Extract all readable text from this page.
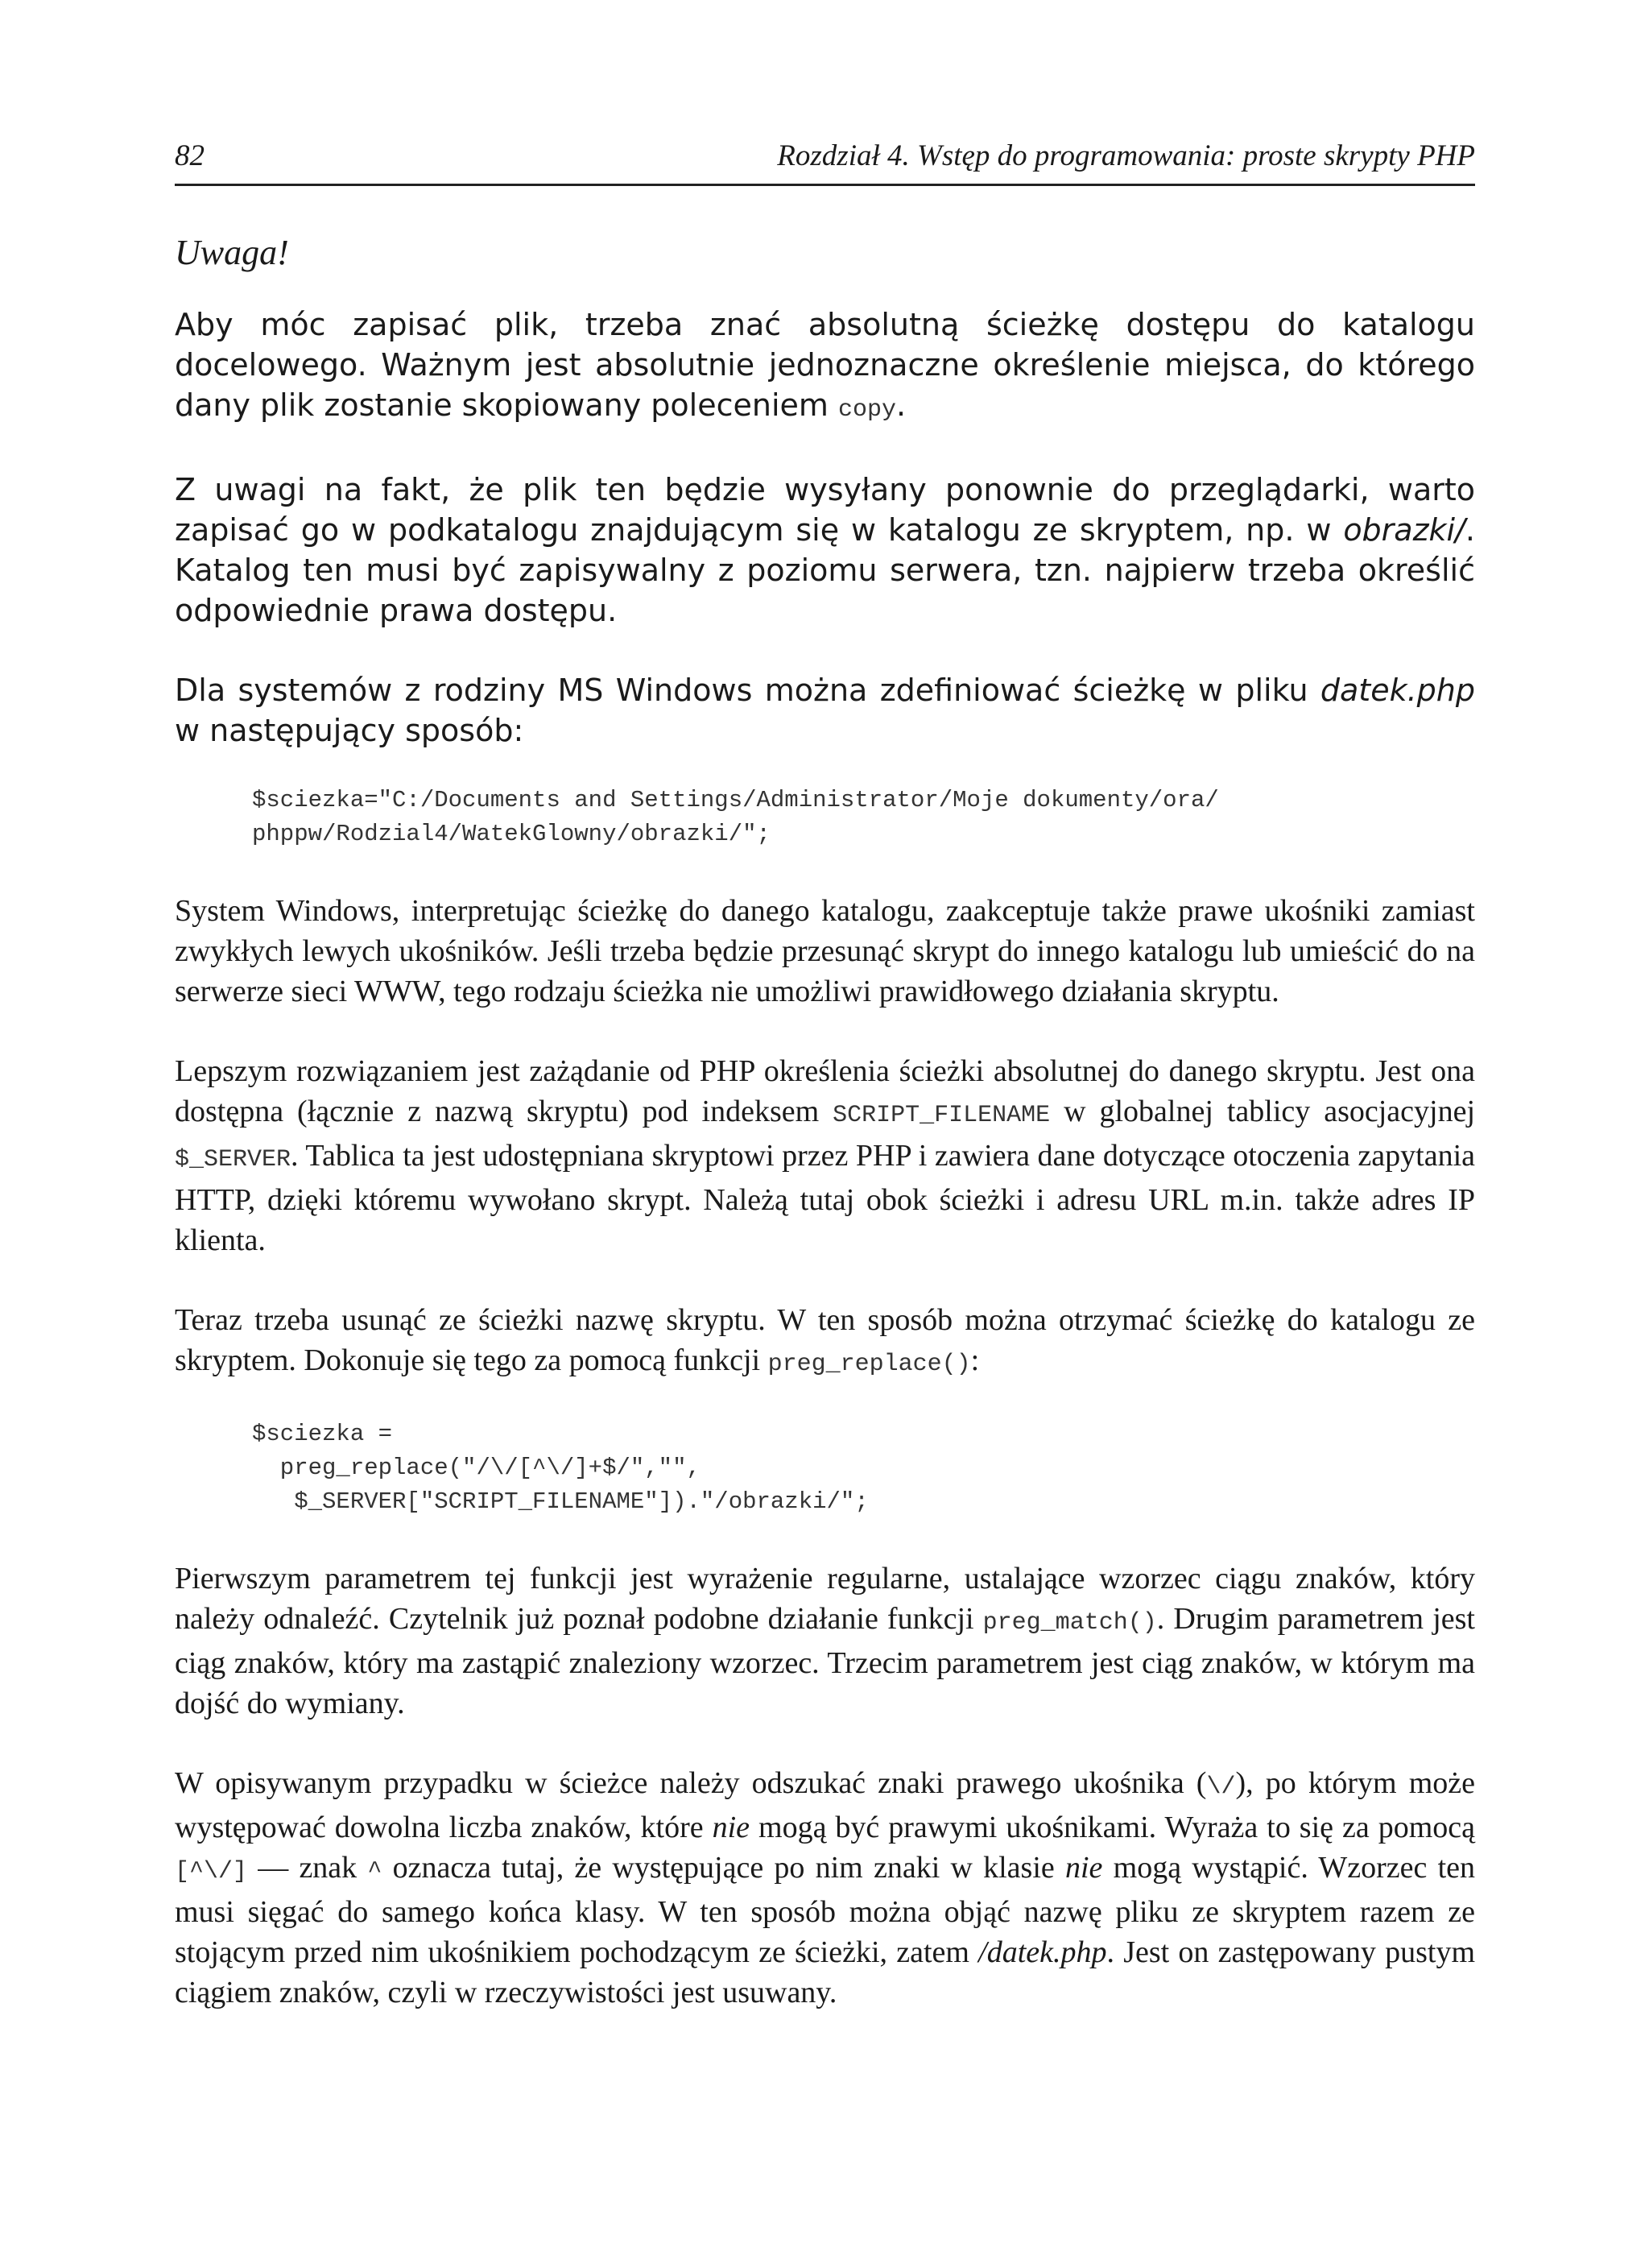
82	Rozdział 4. Wstęp do programowania: proste skrypty PHP
Uwaga!

Aby móc zapisać plik, trzeba znać absolutną ścieżkę dostępu do katalogu docelowego. Ważnym jest absolutnie jednoznaczne określenie miejsca, do którego dany plik zostanie skopiowany poleceniem copy.

Z uwagi na fakt, że plik ten będzie wysyłany ponownie do przeglądarki, warto zapisać go w podkatalogu znajdującym się w katalogu ze skryptem, np. w obrazki/. Katalog ten musi być zapisywalny z poziomu serwera, tzn. najpierw trzeba określić odpowiednie prawa dostępu.

Dla systemów z rodziny MS Windows można zdefiniować ścieżkę w pliku datek.php w następujący sposób:

$sciezka="C:/Documents and Settings/Administrator/Moje dokumenty/ora/
phppw/Rodzial4/WatekGlowny/obrazki/";

System Windows, interpretując ścieżkę do danego katalogu, zaakceptuje także prawe ukośniki zamiast zwykłych lewych ukośników. Jeśli trzeba będzie przesunąć skrypt do innego katalogu lub umieścić do na serwerze sieci WWW, tego rodzaju ścieżka nie umożliwi prawidłowego działania skryptu.

Lepszym rozwiązaniem jest zażądanie od PHP określenia ścieżki absolutnej do danego skryptu. Jest ona dostępna (łącznie z nazwą skryptu) pod indeksem SCRIPT_FILENAME w globalnej tablicy asocjacyjnej $_SERVER. Tablica ta jest udostępniana skryptowi przez PHP i zawiera dane dotyczące otoczenia zapytania HTTP, dzięki któremu wywołano skrypt. Należą tutaj obok ścieżki i adresu URL m.in. także adres IP klienta.

Teraz trzeba usunąć ze ścieżki nazwę skryptu. W ten sposób można otrzymać ścieżkę do katalogu ze skryptem. Dokonuje się tego za pomocą funkcji preg_replace():

$sciezka =
preg_replace("/\/[^\/]+$/","",
$_SERVER["SCRIPT_FILENAME"])."/obrazki/";

Pierwszym parametrem tej funkcji jest wyrażenie regularne, ustalające wzorzec ciągu znaków, który należy odnaleźć. Czytelnik już poznał podobne działanie funkcji preg_match(). Drugim parametrem jest ciąg znaków, który ma zastąpić znaleziony wzorzec. Trzecim parametrem jest ciąg znaków, w którym ma dojść do wymiany.

W opisywanym przypadku w ścieżce należy odszukać znaki prawego ukośnika (\/), po którym może występować dowolna liczba znaków, które nie mogą być prawymi ukośnikami. Wyraża to się za pomocą [^\/] — znak ^ oznacza tutaj, że występujące po nim znaki w klasie nie mogą wystąpić. Wzorzec ten musi sięgać do samego końca klasy. W ten sposób można objąć nazwę pliku ze skryptem razem ze stojącym przed nim ukośnikiem pochodzącym ze ścieżki, zatem /datek.php. Jest on zastępowany pustym ciągiem znaków, czyli w rzeczywistości jest usuwany.
